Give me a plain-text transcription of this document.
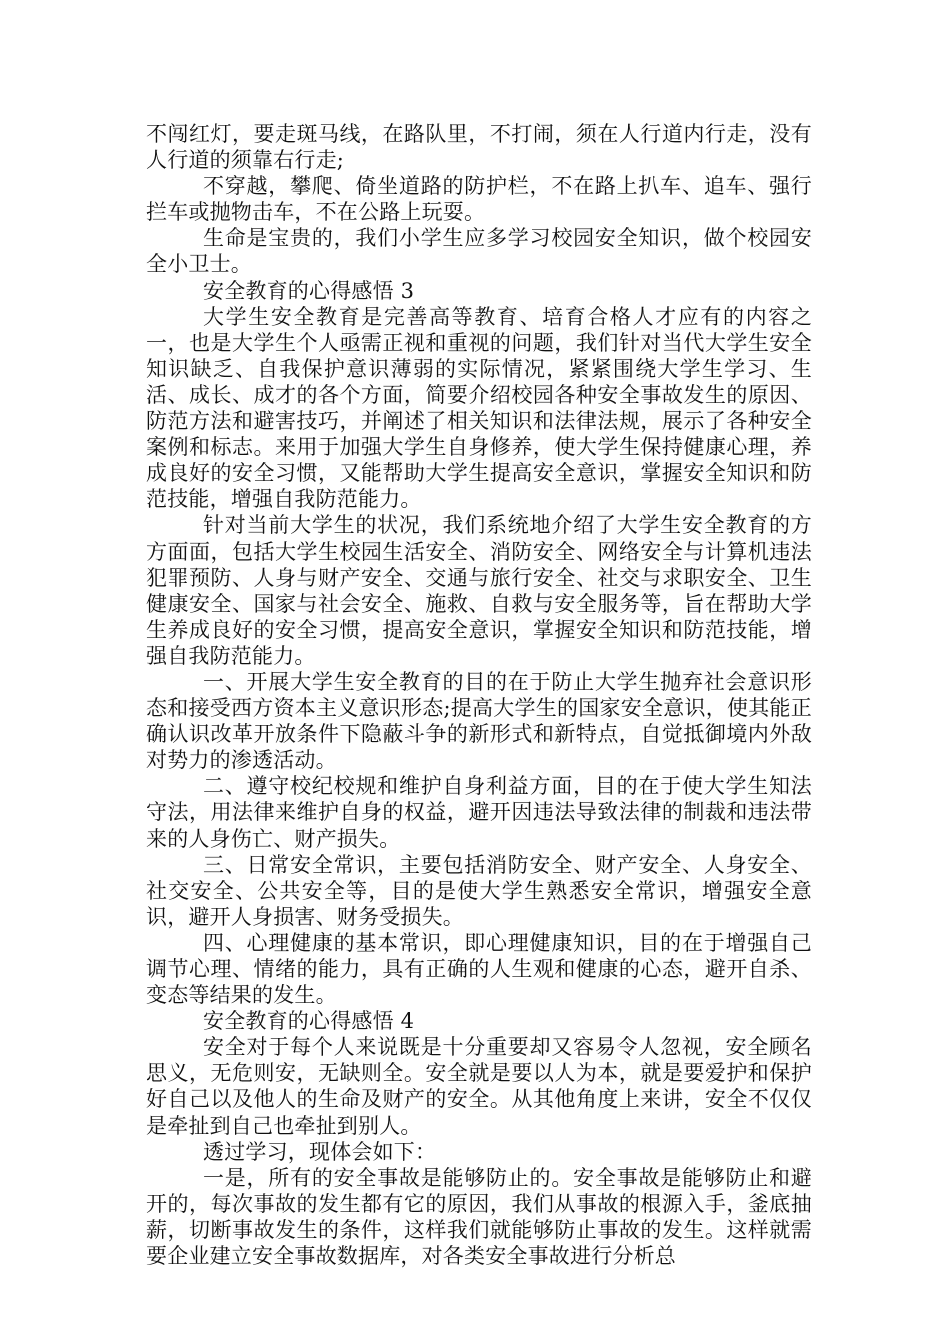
不闯红灯，要走斑马线，在路队里，不打闹，须在人行道内行走，没有人行道的须靠右行走;

不穿越，攀爬、倚坐道路的防护栏，不在路上扒车、追车、强行拦车或抛物击车，不在公路上玩耍。

生命是宝贵的，我们小学生应多学习校园安全知识，做个校园安全小卫士。

安全教育的心得感悟 3

大学生安全教育是完善高等教育、培育合格人才应有的内容之一，也是大学生个人亟需正视和重视的问题，我们针对当代大学生安全知识缺乏、自我保护意识薄弱的实际情况，紧紧围绕大学生学习、生活、成长、成才的各个方面，简要介绍校园各种安全事故发生的原因、防范方法和避害技巧，并阐述了相关知识和法律法规，展示了各种安全案例和标志。来用于加强大学生自身修养，使大学生保持健康心理，养成良好的安全习惯，又能帮助大学生提高安全意识，掌握安全知识和防范技能，增强自我防范能力。

针对当前大学生的状况，我们系统地介绍了大学生安全教育的方方面面，包括大学生校园生活安全、消防安全、网络安全与计算机违法犯罪预防、人身与财产安全、交通与旅行安全、社交与求职安全、卫生健康安全、国家与社会安全、施救、自救与安全服务等，旨在帮助大学生养成良好的安全习惯，提高安全意识，掌握安全知识和防范技能，增强自我防范能力。

一、开展大学生安全教育的目的在于防止大学生抛弃社会意识形态和接受西方资本主义意识形态;提高大学生的国家安全意识，使其能正确认识改革开放条件下隐蔽斗争的新形式和新特点，自觉抵御境内外敌对势力的渗透活动。

二、遵守校纪校规和维护自身利益方面，目的在于使大学生知法守法，用法律来维护自身的权益，避开因违法导致法律的制裁和违法带来的人身伤亡、财产损失。

三、日常安全常识，主要包括消防安全、财产安全、人身安全、社交安全、公共安全等，目的是使大学生熟悉安全常识，增强安全意识，避开人身损害、财务受损失。

四、心理健康的基本常识，即心理健康知识，目的在于增强自己调节心理、情绪的能力，具有正确的人生观和健康的心态，避开自杀、变态等结果的发生。

安全教育的心得感悟 4

安全对于每个人来说既是十分重要却又容易令人忽视，安全顾名思义，无危则安，无缺则全。安全就是要以人为本，就是要爱护和保护好自己以及他人的生命及财产的安全。从其他角度上来讲，安全不仅仅是牵扯到自己也牵扯到别人。

透过学习，现体会如下：

一是，所有的安全事故是能够防止的。安全事故是能够防止和避开的，每次事故的发生都有它的原因，我们从事故的根源入手，釜底抽薪，切断事故发生的条件，这样我们就能够防止事故的发生。这样就需要企业建立安全事故数据库，对各类安全事故进行分析总
